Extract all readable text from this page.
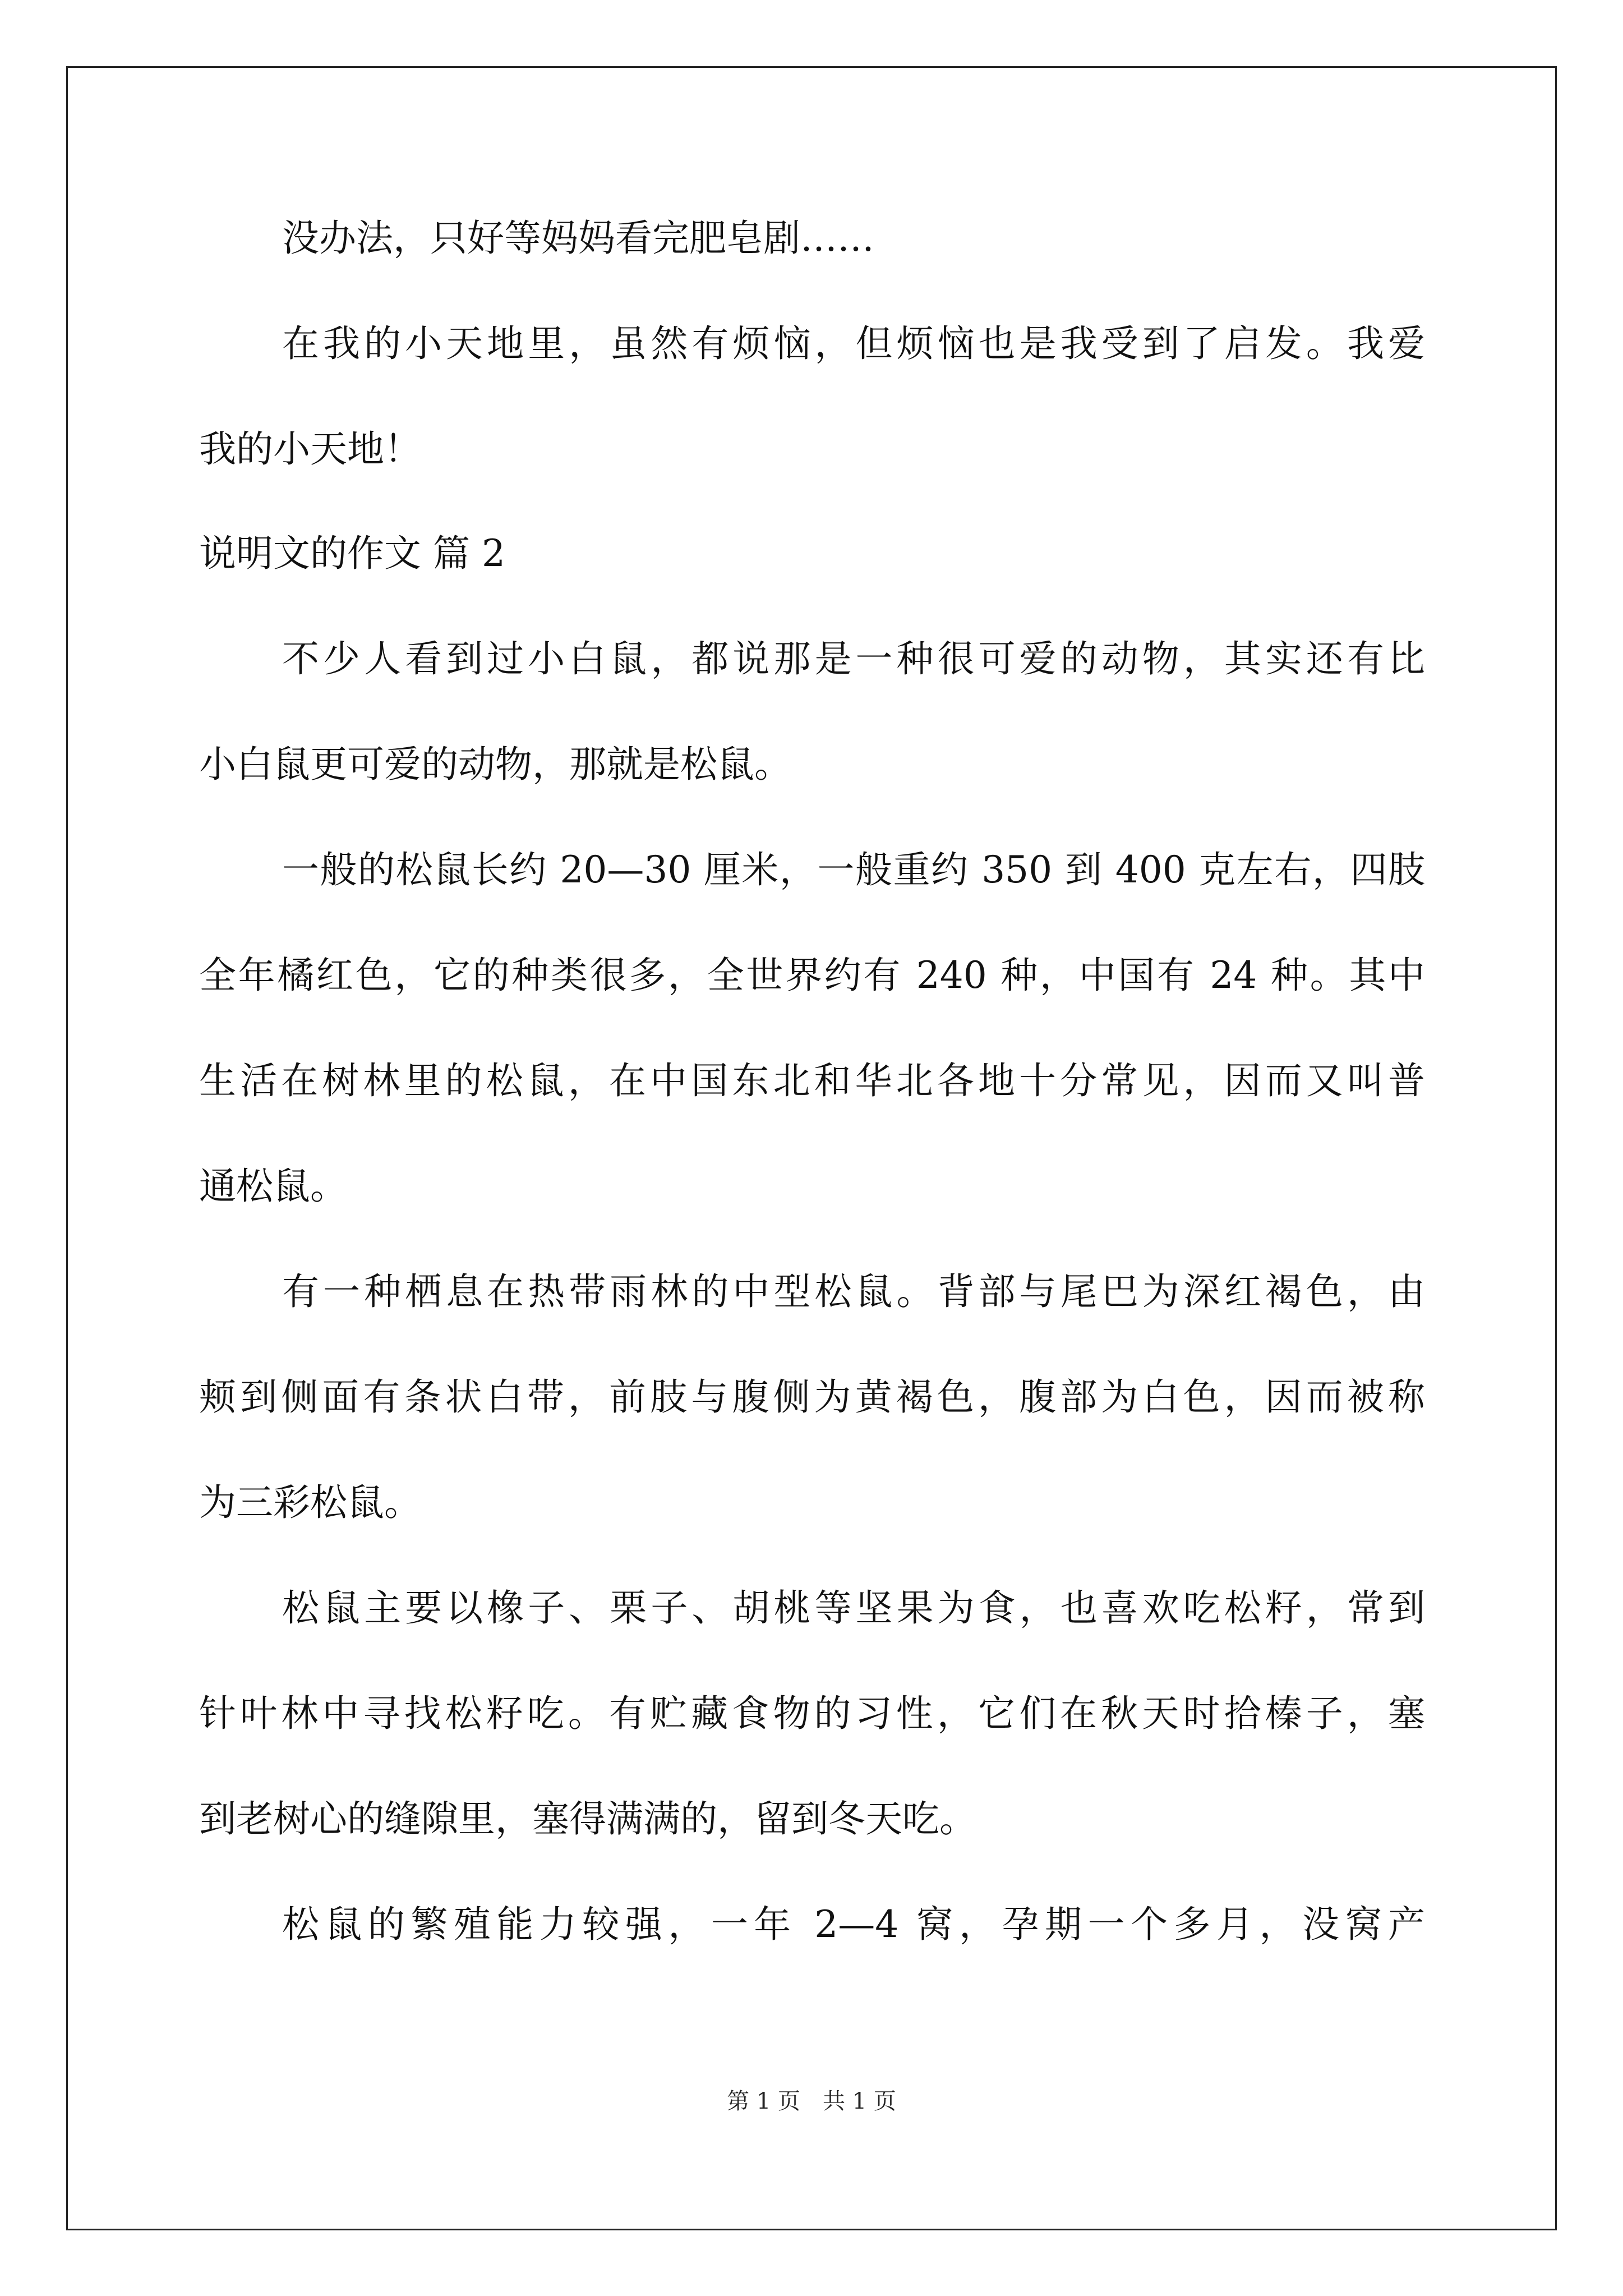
没办法，只好等妈妈看完肥皂剧……
在我的小天地里，虽然有烦恼，但烦恼也是我受到了启发。我爱
我的小天地！
说明文的作文 篇 2
不少人看到过小白鼠，都说那是一种很可爱的动物，其实还有比
小白鼠更可爱的动物，那就是松鼠。
一般的松鼠长约 20—30 厘米，一般重约 350 到 400 克左右，四肢
全年橘红色，它的种类很多，全世界约有 240 种，中国有 24 种。其中
生活在树林里的松鼠，在中国东北和华北各地十分常见，因而又叫普
通松鼠。
有一种栖息在热带雨林的中型松鼠。背部与尾巴为深红褐色，由
颊到侧面有条状白带，前肢与腹侧为黄褐色，腹部为白色，因而被称
为三彩松鼠。
松鼠主要以橡子、栗子、胡桃等坚果为食，也喜欢吃松籽，常到
针叶林中寻找松籽吃。有贮藏食物的习性，它们在秋天时拾榛子，塞
到老树心的缝隙里，塞得满满的，留到冬天吃。
松鼠的繁殖能力较强，一年 2—4 窝，孕期一个多月，没窝产
第 1 页　共 1 页
